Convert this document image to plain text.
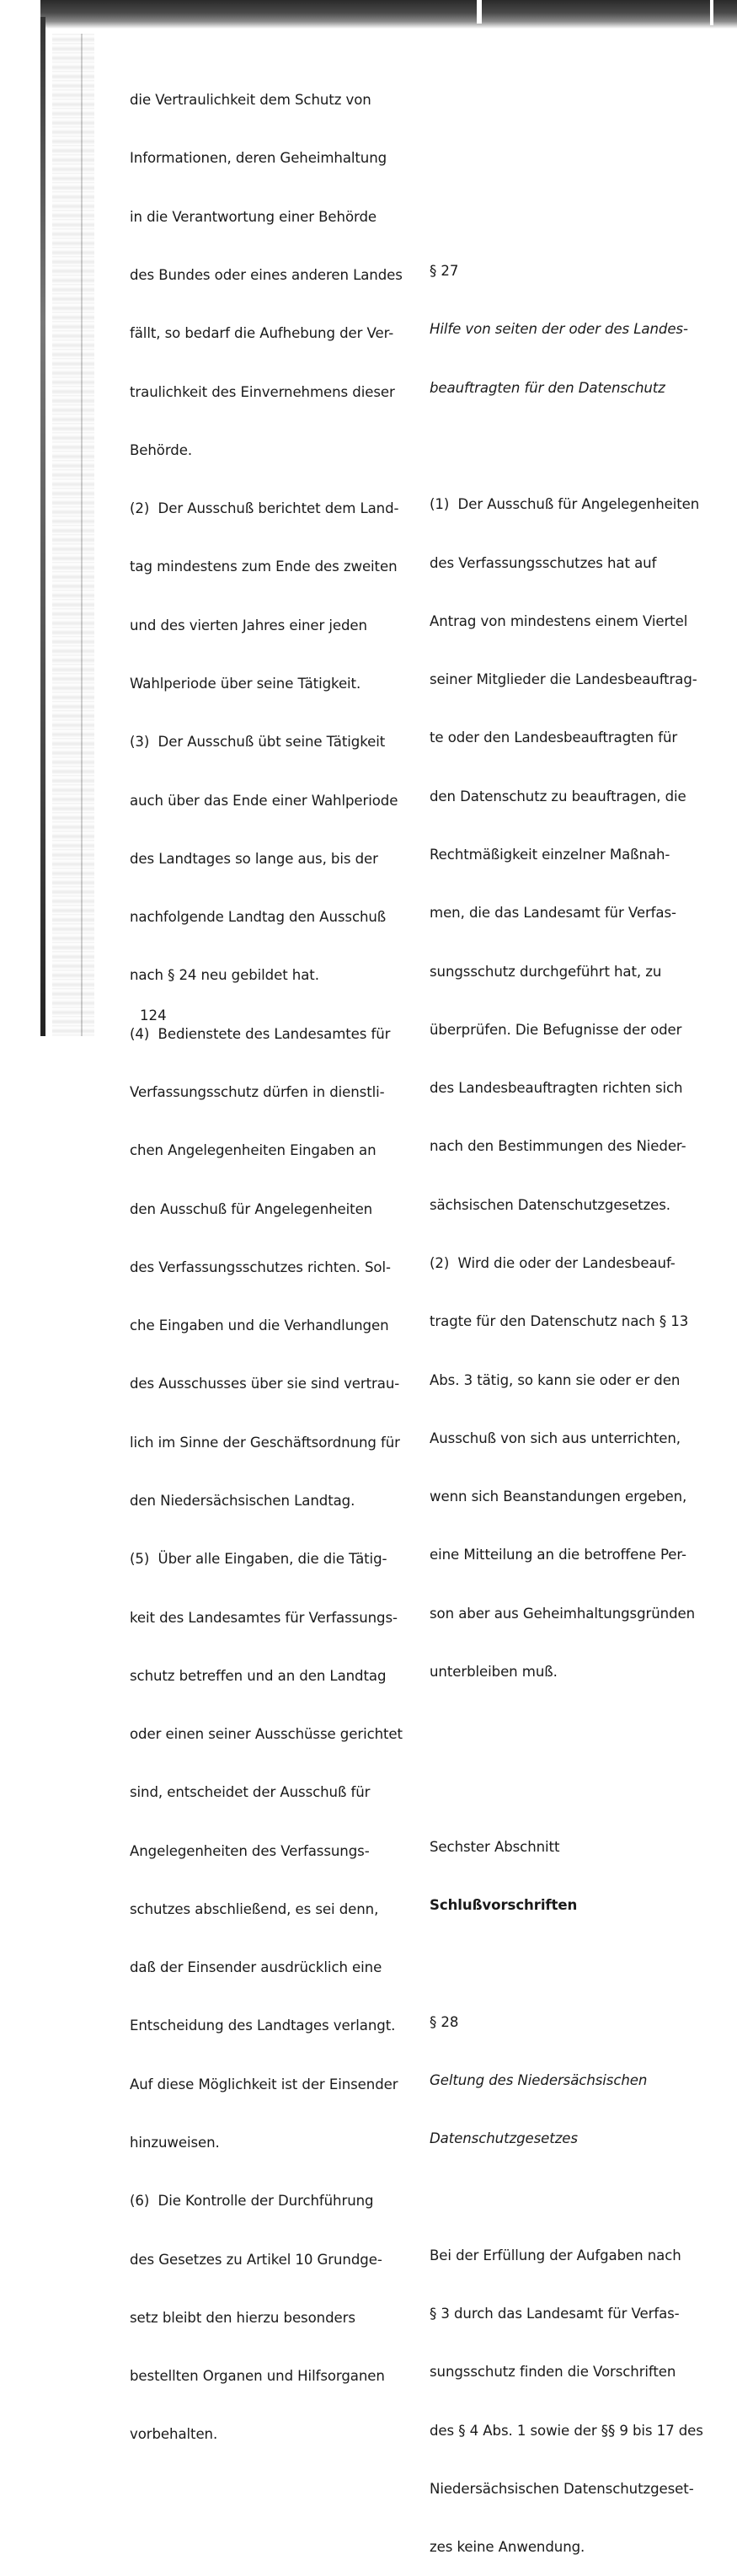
die Vertraulichkeit dem Schutz von

Informationen, deren Geheimhaltung

in die Verantwortung einer Behörde

des Bundes oder eines anderen Landes

fällt, so bedarf die Aufhebung der Ver-

traulichkeit des Einvernehmens dieser

Behörde.

(2)  Der Ausschuß berichtet dem Land-

tag mindestens zum Ende des zweiten

und des vierten Jahres einer jeden

Wahlperiode über seine Tätigkeit.

(3)  Der Ausschuß übt seine Tätigkeit

auch über das Ende einer Wahlperiode

des Landtages so lange aus, bis der

nachfolgende Landtag den Ausschuß

nach § 24 neu gebildet hat.

(4)  Bedienstete des Landesamtes für

Verfassungsschutz dürfen in dienstli-

chen Angelegenheiten Eingaben an

den Ausschuß für Angelegenheiten

des Verfassungsschutzes richten. Sol-

che Eingaben und die Verhandlungen

des Ausschusses über sie sind vertrau-

lich im Sinne der Geschäftsordnung für

den Niedersächsischen Landtag.

(5)  Über alle Eingaben, die die Tätig-

keit des Landesamtes für Verfassungs-

schutz betreffen und an den Landtag

oder einen seiner Ausschüsse gerichtet

sind, entscheidet der Ausschuß für

Angelegenheiten des Verfassungs-

schutzes abschließend, es sei denn,

daß der Einsender ausdrücklich eine

Entscheidung des Landtages verlangt.

Auf diese Möglichkeit ist der Einsender

hinzuweisen.

(6)  Die Kontrolle der Durchführung

des Gesetzes zu Artikel 10 Grundge-

setz bleibt den hierzu besonders

bestellten Organen und Hilfsorganen

vorbehalten.

§ 27

Hilfe von seiten der oder des Landes-

beauftragten für den Datenschutz

(1)  Der Ausschuß für Angelegenheiten

des Verfassungsschutzes hat auf

Antrag von mindestens einem Viertel

seiner Mitglieder die Landesbeauftrag-

te oder den Landesbeauftragten für

den Datenschutz zu beauftragen, die

Rechtmäßigkeit einzelner Maßnah-

men, die das Landesamt für Verfas-

sungsschutz durchgeführt hat, zu

überprüfen. Die Befugnisse der oder

des Landesbeauftragten richten sich

nach den Bestimmungen des Nieder-

sächsischen Datenschutzgesetzes.

(2)  Wird die oder der Landesbeauf-

tragte für den Datenschutz nach § 13

Abs. 3 tätig, so kann sie oder er den

Ausschuß von sich aus unterrichten,

wenn sich Beanstandungen ergeben,

eine Mitteilung an die betroffene Per-

son aber aus Geheimhaltungsgründen

unterbleiben muß.

Sechster Abschnitt

Schlußvorschriften

§ 28

Geltung des Niedersächsischen

Datenschutzgesetzes

Bei der Erfüllung der Aufgaben nach

§ 3 durch das Landesamt für Verfas-

sungsschutz finden die Vorschriften

des § 4 Abs. 1 sowie der §§ 9 bis 17 des

Niedersächsischen Datenschutzgeset-

zes keine Anwendung.

124
